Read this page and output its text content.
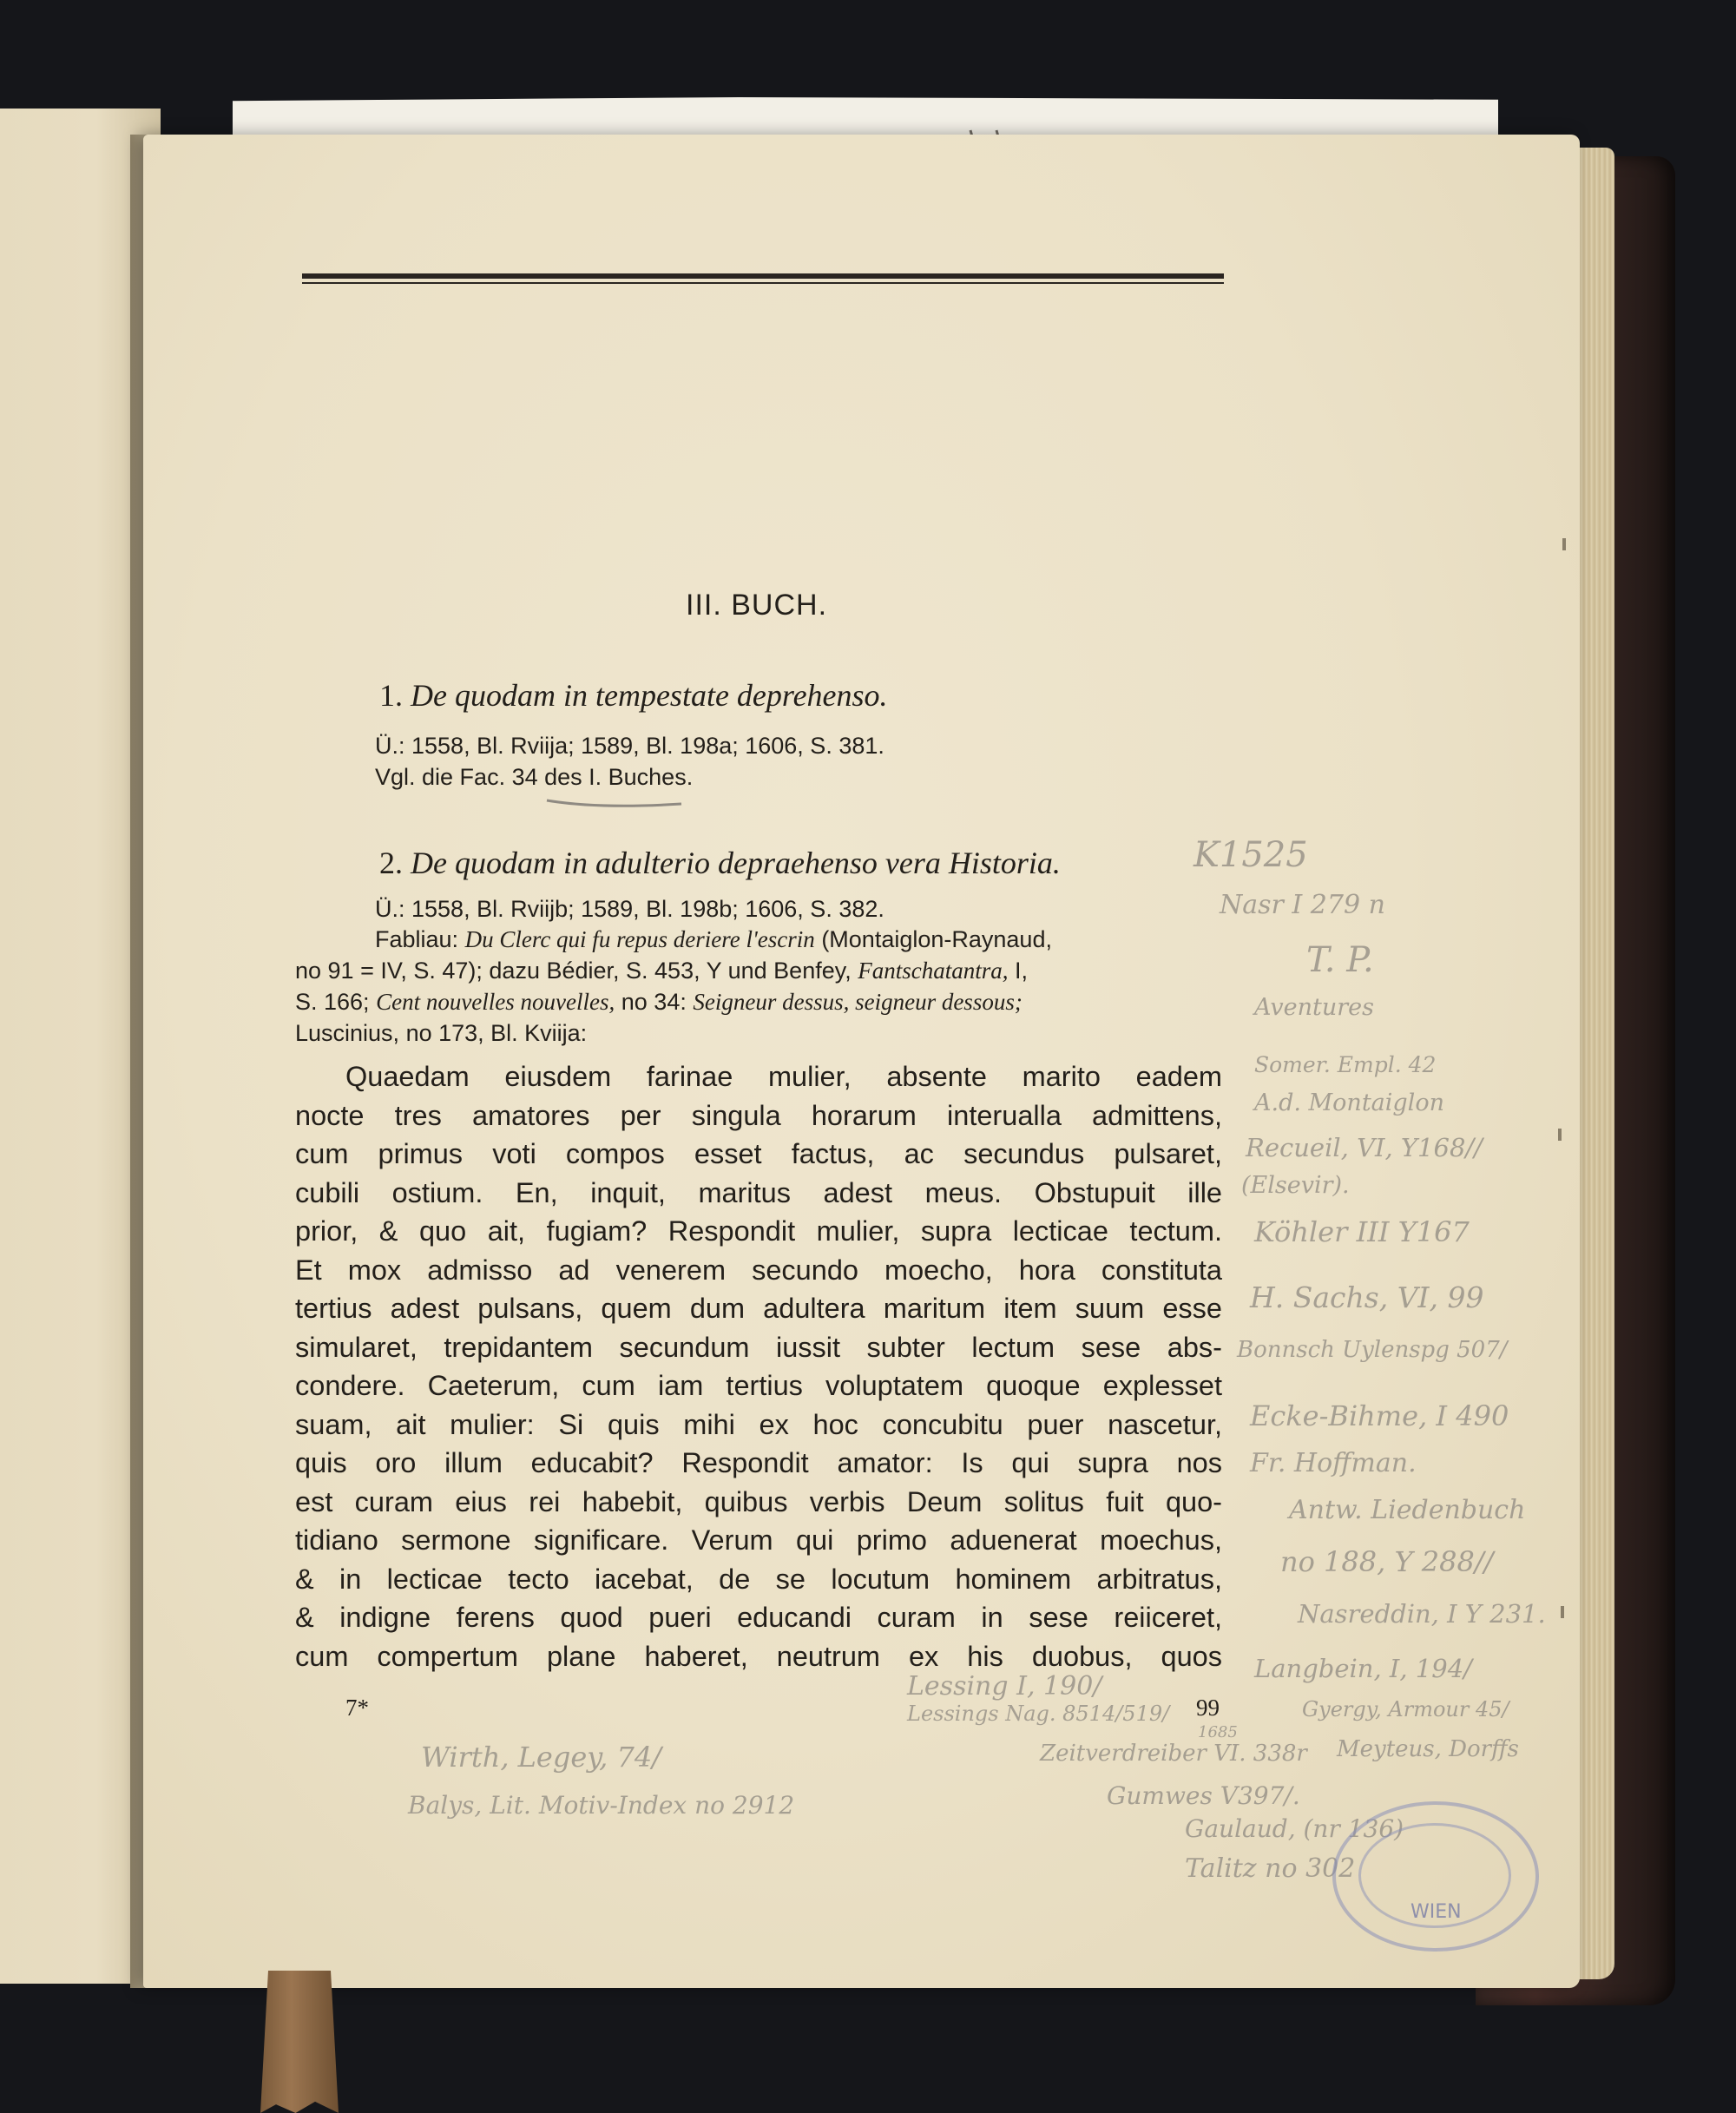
III. BUCH.
1. De quodam in tempestate deprehenso.
Ü.: 1558, Bl. Rviija; 1589, Bl. 198a; 1606, S. 381.
Vgl. die Fac. 34 des I. Buches.
2. De quodam in adulterio depraehenso vera Historia.
Ü.: 1558, Bl. Rviijb; 1589, Bl. 198b; 1606, S. 382.
Fabliau: Du Clerc qui fu repus deriere l'escrin (Montaiglon-Raynaud,
no 91 = IV, S. 47); dazu Bédier, S. 453, Y und Benfey, Fantschatantra, I,
S. 166; Cent nouvelles nouvelles, no 34: Seigneur dessus, seigneur dessous;
Luscinius, no 173, Bl. Kviija:
Quaedam eiusdem farinae mulier, absente marito eadem
nocte tres amatores per singula horarum interualla admittens,
cum primus voti compos esset factus, ac secundus pulsaret,
cubili ostium. En, inquit, maritus adest meus. Obstupuit ille
prior, & quo ait, fugiam? Respondit mulier, supra lecticae tectum.
Et mox admisso ad venerem secundo moecho, hora constituta
tertius adest pulsans, quem dum adultera maritum item suum esse
simularet, trepidantem secundum iussit subter lectum sese abs-
condere. Caeterum, cum iam tertius voluptatem quoque explesset
suam, ait mulier: Si quis mihi ex hoc concubitu puer nascetur,
quis oro illum educabit? Respondit amator: Is qui supra nos
est curam eius rei habebit, quibus verbis Deum solitus fuit quo-
tidiano sermone significare. Verum qui primo aduenerat moechus,
& in lecticae tecto iacebat, de se locutum hominem arbitratus,
& indigne ferens quod pueri educandi curam in sese reiiceret,
cum compertum plane haberet, neutrum ex his duobus, quos
7*	99
K1525
Nasr I 279 n
T. P.
Aventures
Somer. Empl. 42
A.d. Montaiglon
Recueil, VI, Y168//
(Elsevir).
Köhler III Y167
H. Sachs, VI, 99
Bonnsch Uylenspg 507/
Ecke-Bihme, I 490
Fr. Hoffman.
Antw. Liedenbuch
no 188, Y 288//
Nasreddin, I Y 231.
Langbein, I, 194/
Gyergy, Armour 45/
Lessing I, 190/
Lessings Nag. 8514/519/
1685
Zeitverdreiber VI. 338r Meyteus, Dorffs
Gumwes V397/.
Gaulaud, (nr 136)
Talitz no 302
Wirth, Legey, 74/
Balys, Lit. Motiv-Index no 2912
WIEN
